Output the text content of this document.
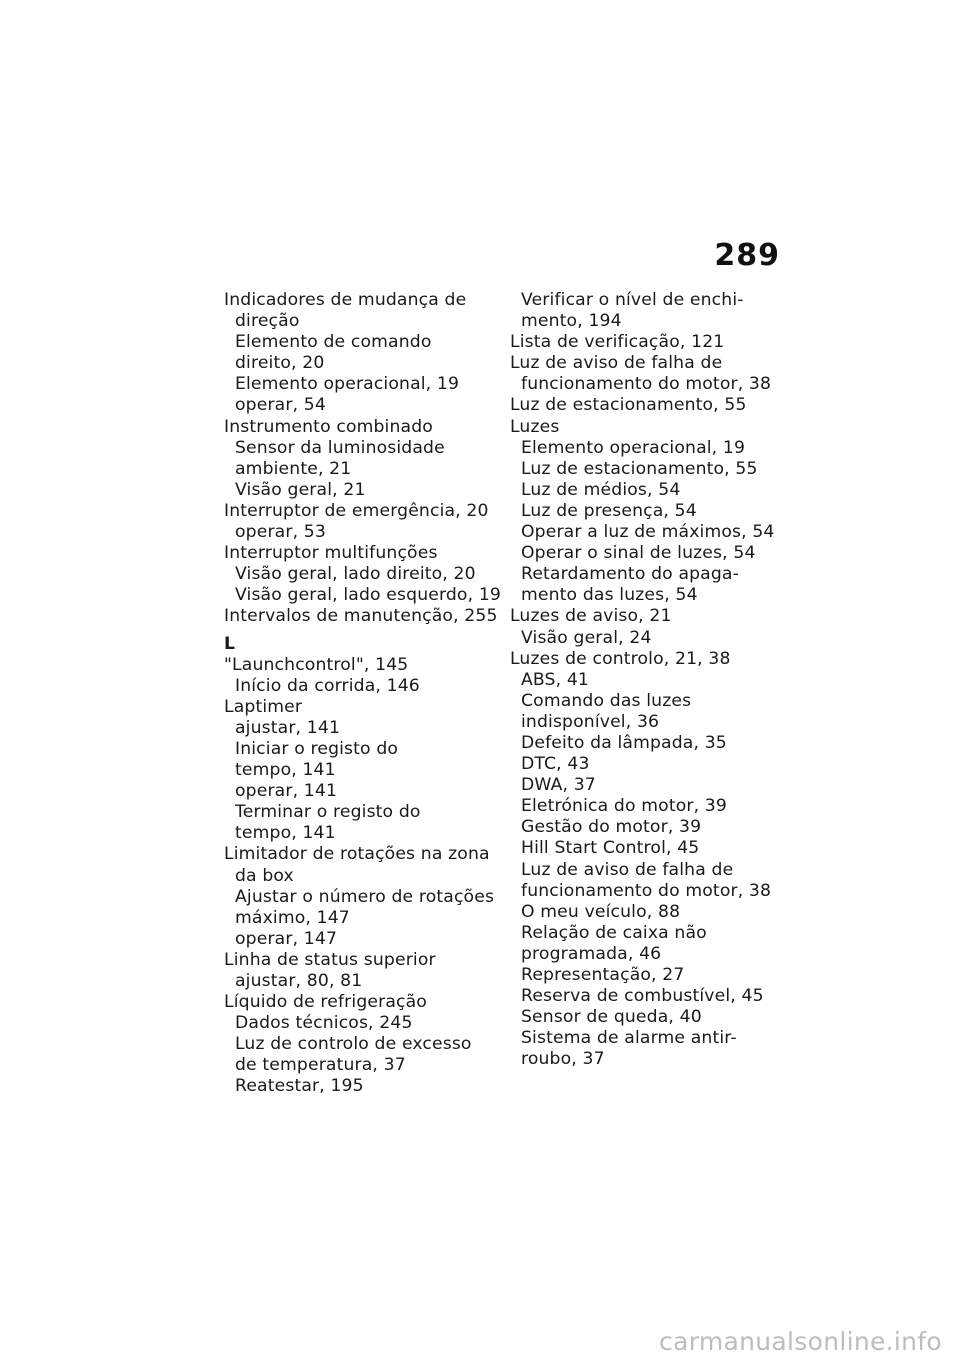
289
Indicadores de mudança de
direção
Elemento de comando
direito, 20
Elemento operacional, 19
operar, 54
Instrumento combinado
Sensor da luminosidade
ambiente, 21
Visão geral, 21
Interruptor de emergência, 20
operar, 53
Interruptor multifunções
Visão geral, lado direito, 20
Visão geral, lado esquerdo, 19
Intervalos de manutenção, 255
L
"Launchcontrol", 145
Início da corrida, 146
Laptimer
ajustar, 141
Iniciar o registo do
tempo, 141
operar, 141
Terminar o registo do
tempo, 141
Limitador de rotações na zona
da box
Ajustar o número de rotações
máximo, 147
operar, 147
Linha de status superior
ajustar, 80, 81
Líquido de refrigeração
Dados técnicos, 245
Luz de controlo de excesso
de temperatura, 37
Reatestar, 195
Verificar o nível de enchi-
mento, 194
Lista de verificação, 121
Luz de aviso de falha de
funcionamento do motor, 38
Luz de estacionamento, 55
Luzes
Elemento operacional, 19
Luz de estacionamento, 55
Luz de médios, 54
Luz de presença, 54
Operar a luz de máximos, 54
Operar o sinal de luzes, 54
Retardamento do apaga-
mento das luzes, 54
Luzes de aviso, 21
Visão geral, 24
Luzes de controlo, 21, 38
ABS, 41
Comando das luzes
indisponível, 36
Defeito da lâmpada, 35
DTC, 43
DWA, 37
Eletrónica do motor, 39
Gestão do motor, 39
Hill Start Control, 45
Luz de aviso de falha de
funcionamento do motor, 38
O meu veículo, 88
Relação de caixa não
programada, 46
Representação, 27
Reserva de combustível, 45
Sensor de queda, 40
Sistema de alarme antir-
roubo, 37
carmanualsonline.info
